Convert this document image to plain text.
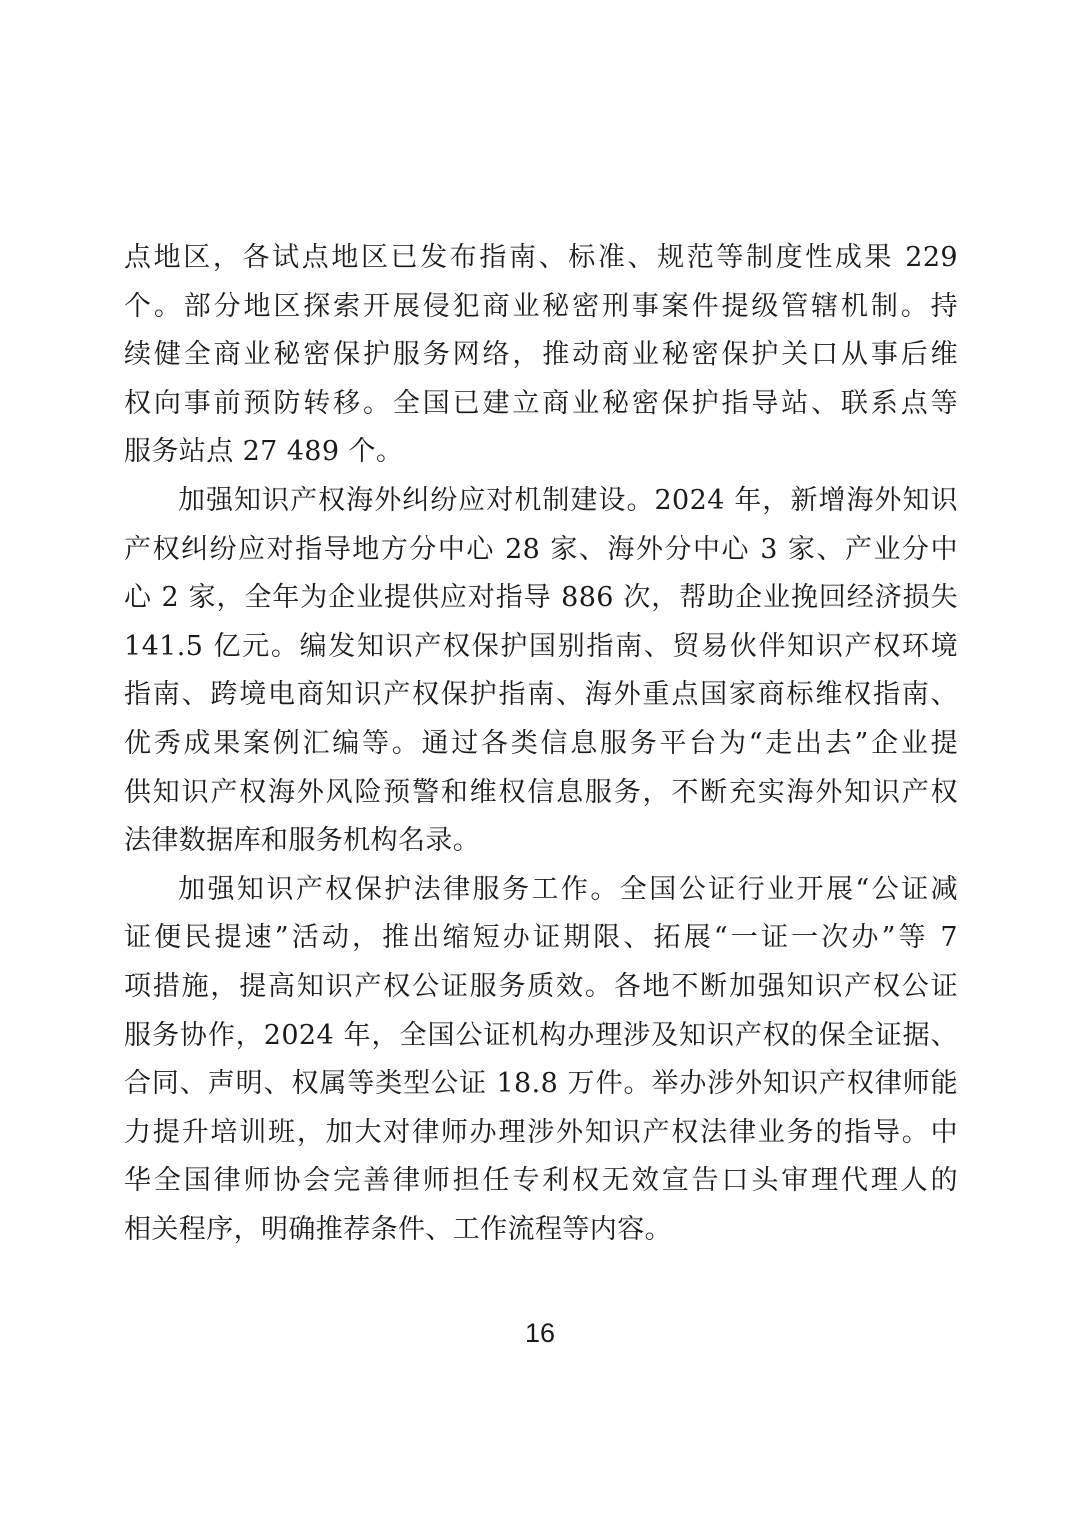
点地区，各试点地区已发布指南、标准、规范等制度性成果 229
个。部分地区探索开展侵犯商业秘密刑事案件提级管辖机制。持
续健全商业秘密保护服务网络，推动商业秘密保护关口从事后维
权向事前预防转移。全国已建立商业秘密保护指导站、联系点等
服务站点 27 489 个。
加强知识产权海外纠纷应对机制建设。2024 年，新增海外知识
产权纠纷应对指导地方分中心 28 家、海外分中心 3 家、产业分中
心 2 家，全年为企业提供应对指导 886 次，帮助企业挽回经济损失
141.5 亿元。编发知识产权保护国别指南、贸易伙伴知识产权环境
指南、跨境电商知识产权保护指南、海外重点国家商标维权指南、
优秀成果案例汇编等。通过各类信息服务平台为“走出去”企业提
供知识产权海外风险预警和维权信息服务，不断充实海外知识产权
法律数据库和服务机构名录。
加强知识产权保护法律服务工作。全国公证行业开展“公证减
证便民提速”活动，推出缩短办证期限、拓展“一证一次办”等 7
项措施，提高知识产权公证服务质效。各地不断加强知识产权公证
服务协作，2024 年，全国公证机构办理涉及知识产权的保全证据、
合同、声明、权属等类型公证 18.8 万件。举办涉外知识产权律师能
力提升培训班，加大对律师办理涉外知识产权法律业务的指导。中
华全国律师协会完善律师担任专利权无效宣告口头审理代理人的
相关程序，明确推荐条件、工作流程等内容。
16
